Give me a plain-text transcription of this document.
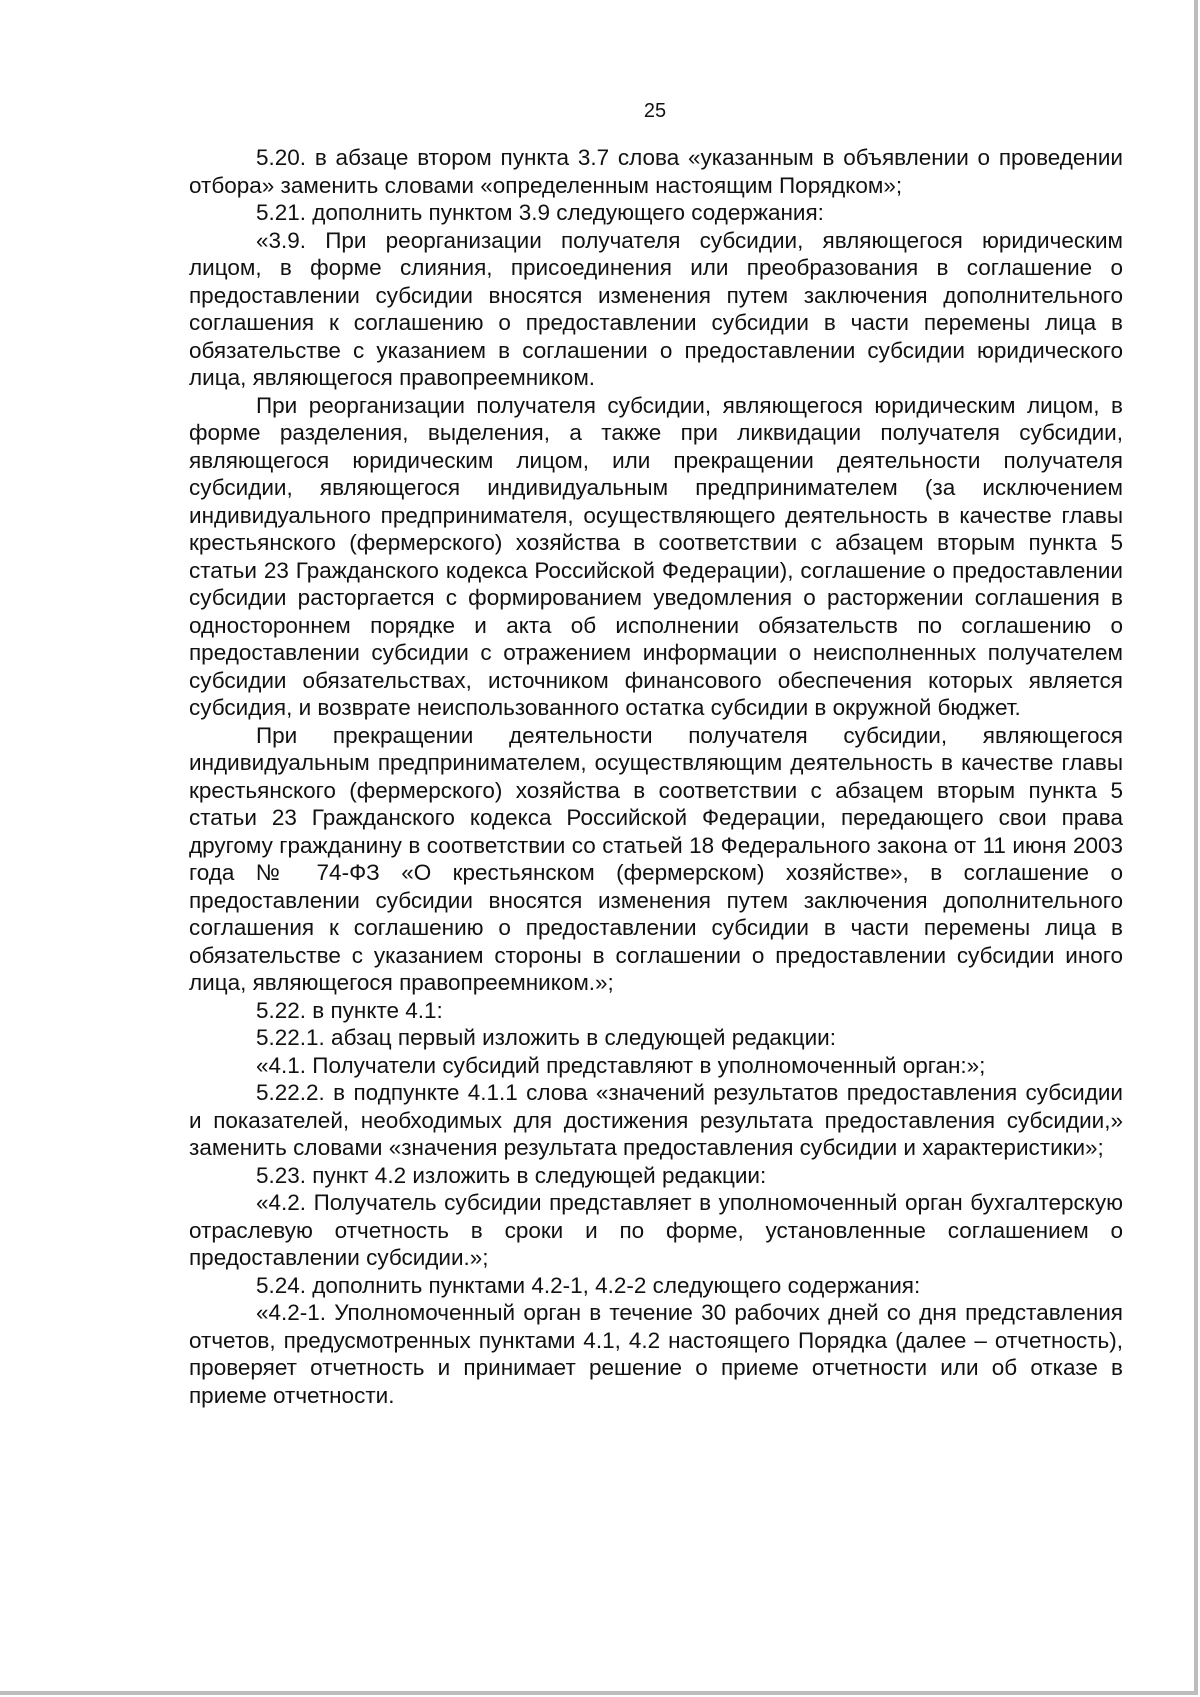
25

5.20. в абзаце втором пункта 3.7 слова «указанным в объявлении о проведении отбора» заменить словами «определенным настоящим Порядком»;

5.21. дополнить пунктом 3.9 следующего содержания:

«3.9. При реорганизации получателя субсидии, являющегося юридическим лицом, в форме слияния, присоединения или преобразования в соглашение о предоставлении субсидии вносятся изменения путем заключения дополнительного соглашения к соглашению о предоставлении субсидии в части перемены лица в обязательстве с указанием в соглашении о предоставлении субсидии юридического лица, являющегося правопреемником.

При реорганизации получателя субсидии, являющегося юридическим лицом, в форме разделения, выделения, а также при ликвидации получателя субсидии, являющегося юридическим лицом, или прекращении деятельности получателя субсидии, являющегося индивидуальным предпринимателем (за исключением индивидуального предпринимателя, осуществляющего деятельность в качестве главы крестьянского (фермерского) хозяйства в соответствии с абзацем вторым пункта 5 статьи 23 Гражданского кодекса Российской Федерации), соглашение о предоставлении субсидии расторгается с формированием уведомления о расторжении соглашения в одностороннем порядке и акта об исполнении обязательств по соглашению о предоставлении субсидии с отражением информации о неисполненных получателем субсидии обязательствах, источником финансового обеспечения которых является субсидия, и возврате неиспользованного остатка субсидии в окружной бюджет.

При прекращении деятельности получателя субсидии, являющегося индивидуальным предпринимателем, осуществляющим деятельность в качестве главы крестьянского (фермерского) хозяйства в соответствии с абзацем вторым пункта 5 статьи 23 Гражданского кодекса Российской Федерации, передающего свои права другому гражданину в соответствии со статьей 18 Федерального закона от 11 июня 2003 года № 74-ФЗ «О крестьянском (фермерском) хозяйстве», в соглашение о предоставлении субсидии вносятся изменения путем заключения дополнительного соглашения к соглашению о предоставлении субсидии в части перемены лица в обязательстве с указанием стороны в соглашении о предоставлении субсидии иного лица, являющегося правопреемником.»;

5.22. в пункте 4.1:

5.22.1. абзац первый изложить в следующей редакции:

«4.1. Получатели субсидий представляют в уполномоченный орган:»;

5.22.2. в подпункте 4.1.1 слова «значений результатов предоставления субсидии и показателей, необходимых для достижения результата предоставления субсидии,» заменить словами «значения результата предоставления субсидии и характеристики»;

5.23. пункт 4.2 изложить в следующей редакции:

«4.2. Получатель субсидии представляет в уполномоченный орган бухгалтерскую отраслевую отчетность в сроки и по форме, установленные соглашением о предоставлении субсидии.»;

5.24. дополнить пунктами 4.2-1, 4.2-2 следующего содержания:

«4.2-1. Уполномоченный орган в течение 30 рабочих дней со дня представления отчетов, предусмотренных пунктами 4.1, 4.2 настоящего Порядка (далее – отчетность), проверяет отчетность и принимает решение о приеме отчетности или об отказе в приеме отчетности.
